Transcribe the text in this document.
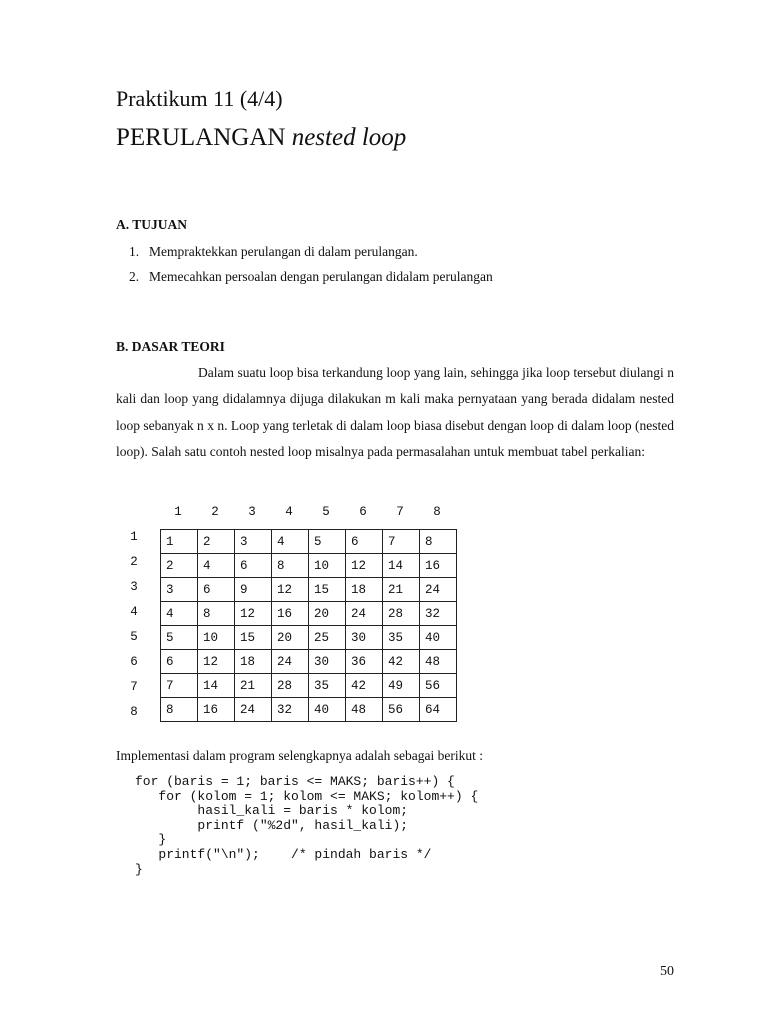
Praktikum 11 (4/4)
PERULANGAN nested loop
A. TUJUAN
1. Mempraktekkan perulangan di dalam perulangan.
2. Memecahkan persoalan dengan perulangan didalam perulangan
B. DASAR TEORI
Dalam suatu loop bisa terkandung loop yang lain, sehingga jika loop tersebut diulangi n kali dan loop yang didalamnya dijuga dilakukan m kali maka pernyataan yang berada didalam nested loop sebanyak n x n. Loop yang terletak di dalam loop biasa disebut dengan loop di dalam loop (nested loop). Salah satu contoh nested loop misalnya pada permasalahan untuk membuat tabel perkalian:
1	2	3	4	5	6	7	8
1
2
3
4
5
6
7
8
1	2	3	4	5	6	7	8
2	4	6	8	10	12	14	16
3	6	9	12	15	18	21	24
4	8	12	16	20	24	28	32
5	10	15	20	25	30	35	40
6	12	18	24	30	36	42	48
7	14	21	28	35	42	49	56
8	16	24	32	40	48	56	64
Implementasi dalam program selengkapnya adalah sebagai berikut :
for (baris = 1; baris <= MAKS; baris++) {
for (kolom = 1; kolom <= MAKS; kolom++) {
hasil_kali = baris * kolom;
printf ("%2d", hasil_kali);
}
printf("\n");    /* pindah baris */
}
50
